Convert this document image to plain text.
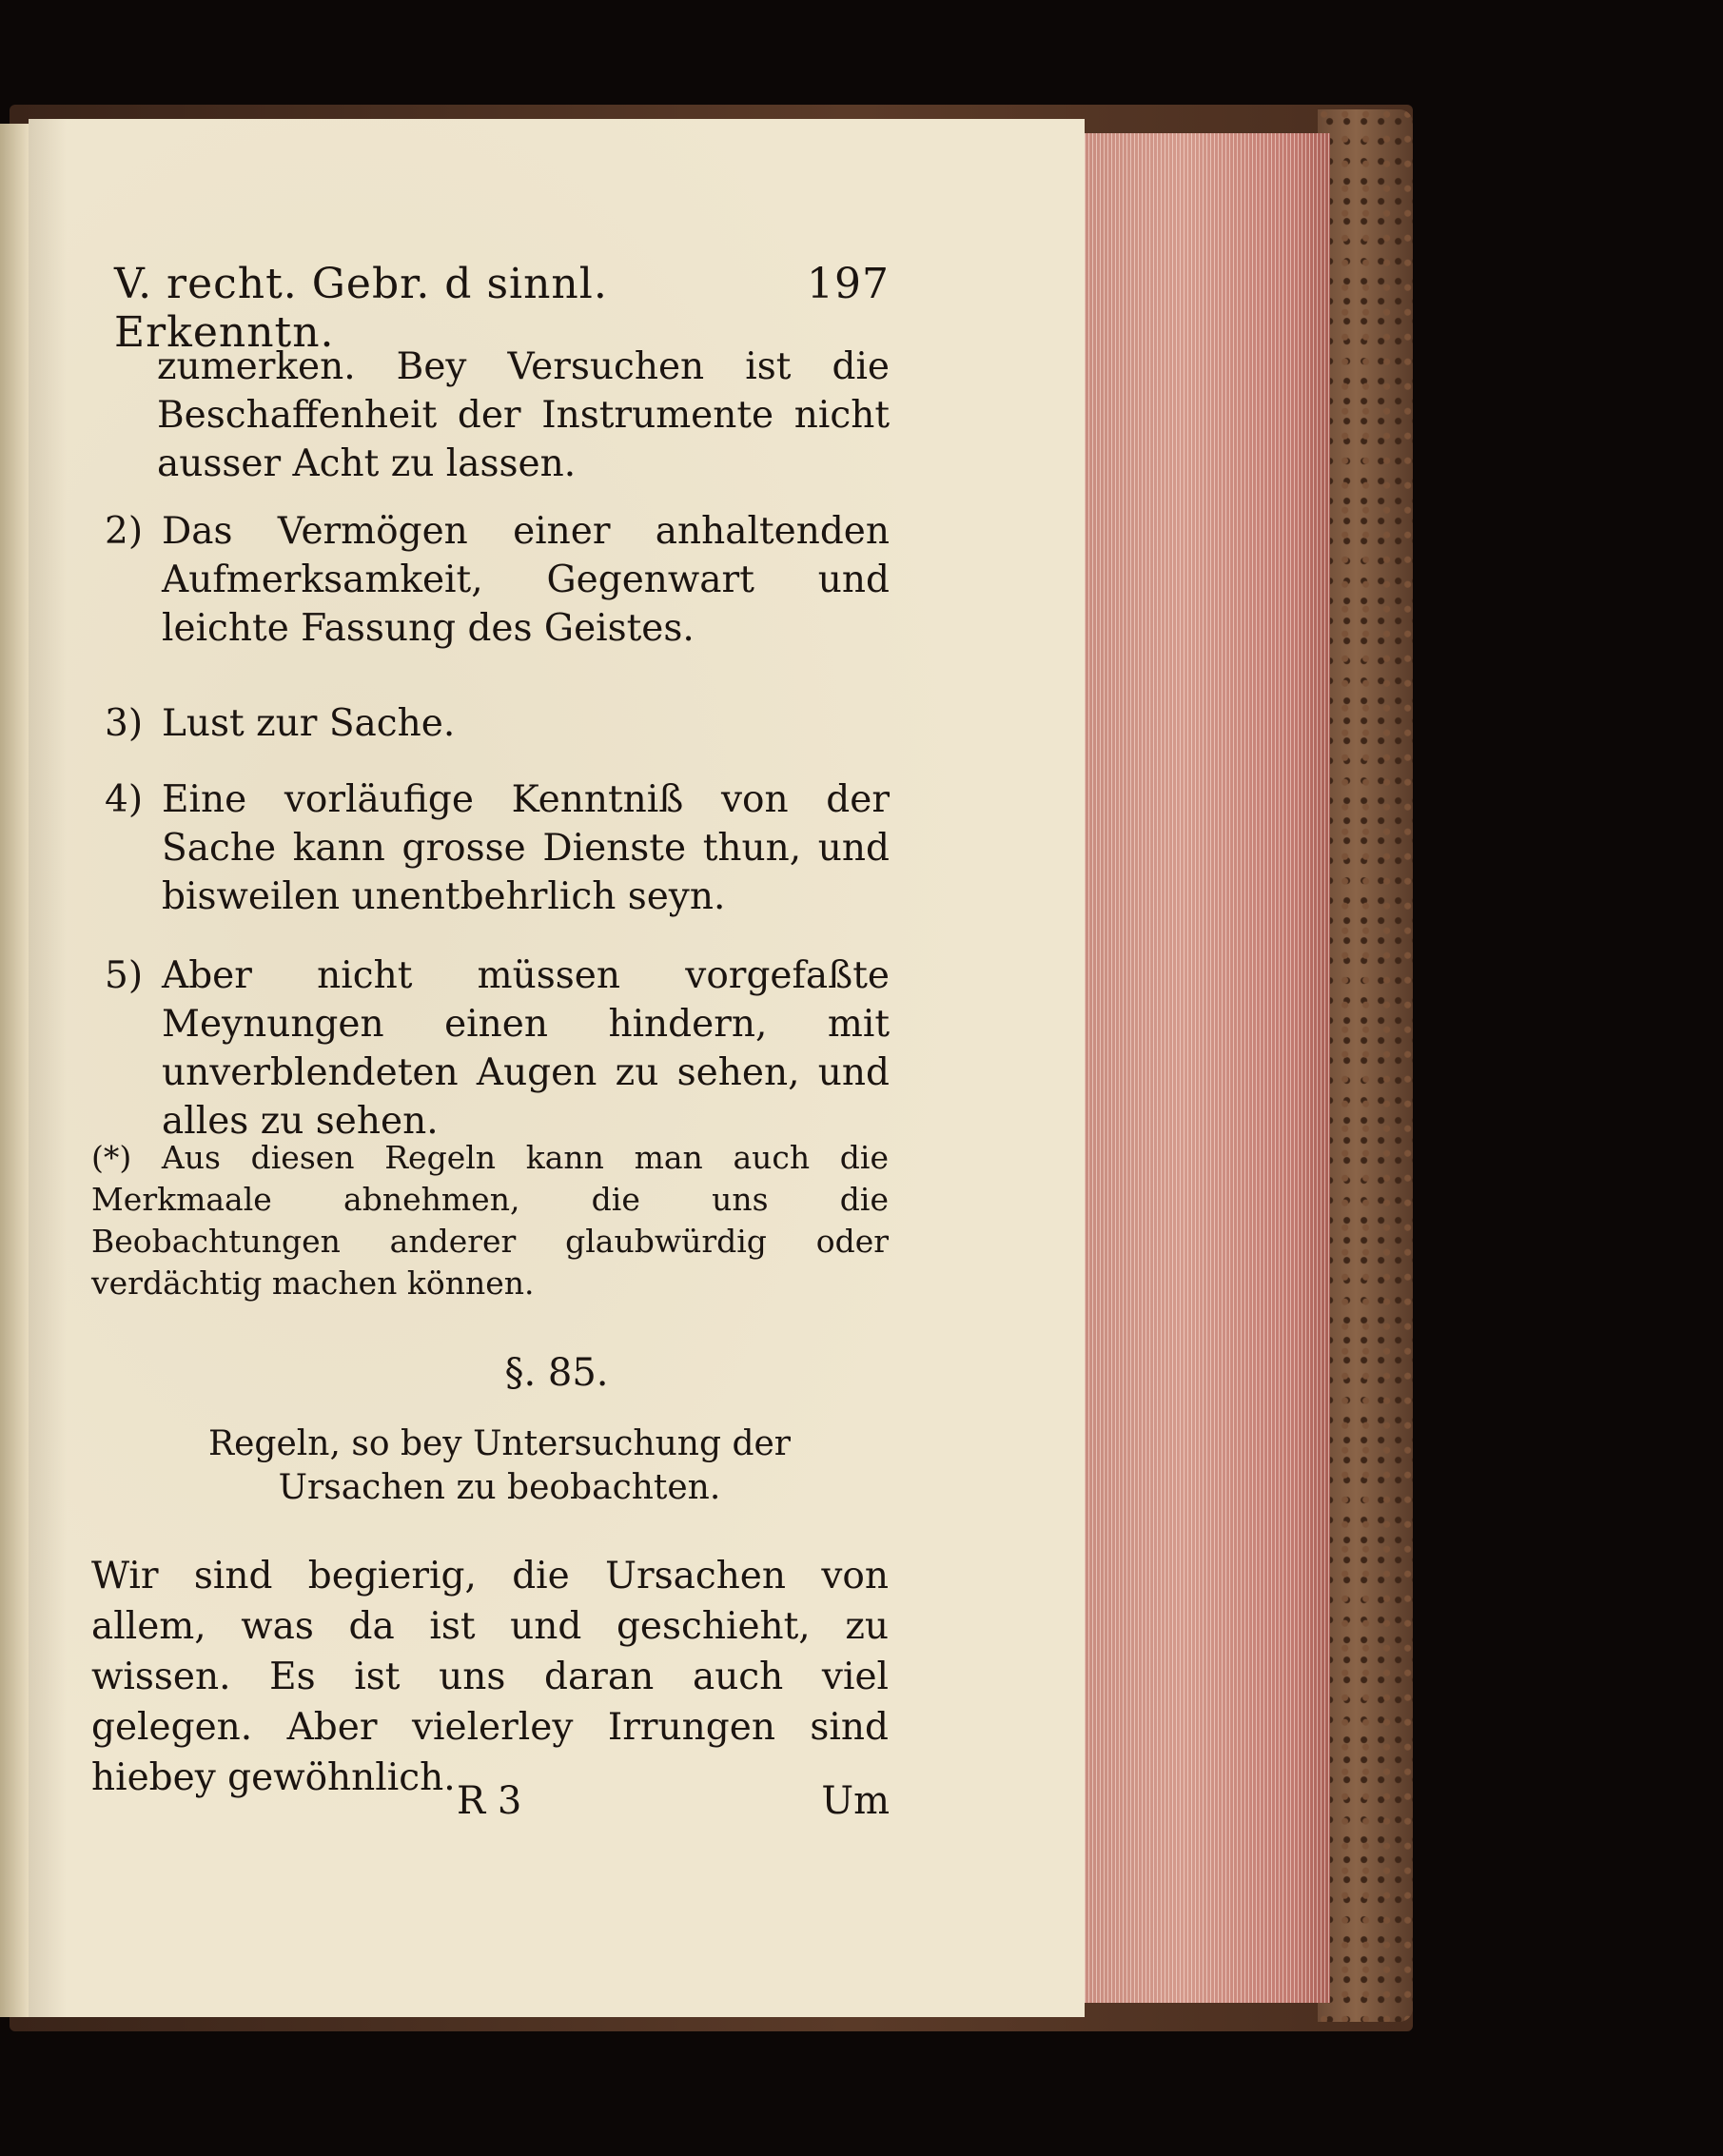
V. recht. Gebr. d sinnl. Erkenntn.
197
zumerken. Bey Versuchen ist die Beschaffenheit der Instrumente nicht ausser Acht zu lassen.
2) Das Vermögen einer anhaltenden Aufmerksamkeit, Gegenwart und leichte Fassung des Geistes.
3) Lust zur Sache.
4) Eine vorläufige Kenntniß von der Sache kann grosse Dienste thun, und bisweilen unentbehrlich seyn.
5) Aber nicht müssen vorgefaßte Meynungen einen hindern, mit unverblendeten Augen zu sehen, und alles zu sehen.
(*) Aus diesen Regeln kann man auch die Merkmaale abnehmen, die uns die Beobachtungen anderer glaubwürdig oder verdächtig machen können.
§. 85.
Regeln, so bey Untersuchung der Ursachen zu beobachten.
Wir sind begierig, die Ursachen von allem, was da ist und geschieht, zu wissen. Es ist uns daran auch viel gelegen. Aber vielerley Irrungen sind hiebey gewöhnlich.
R 3	Um
